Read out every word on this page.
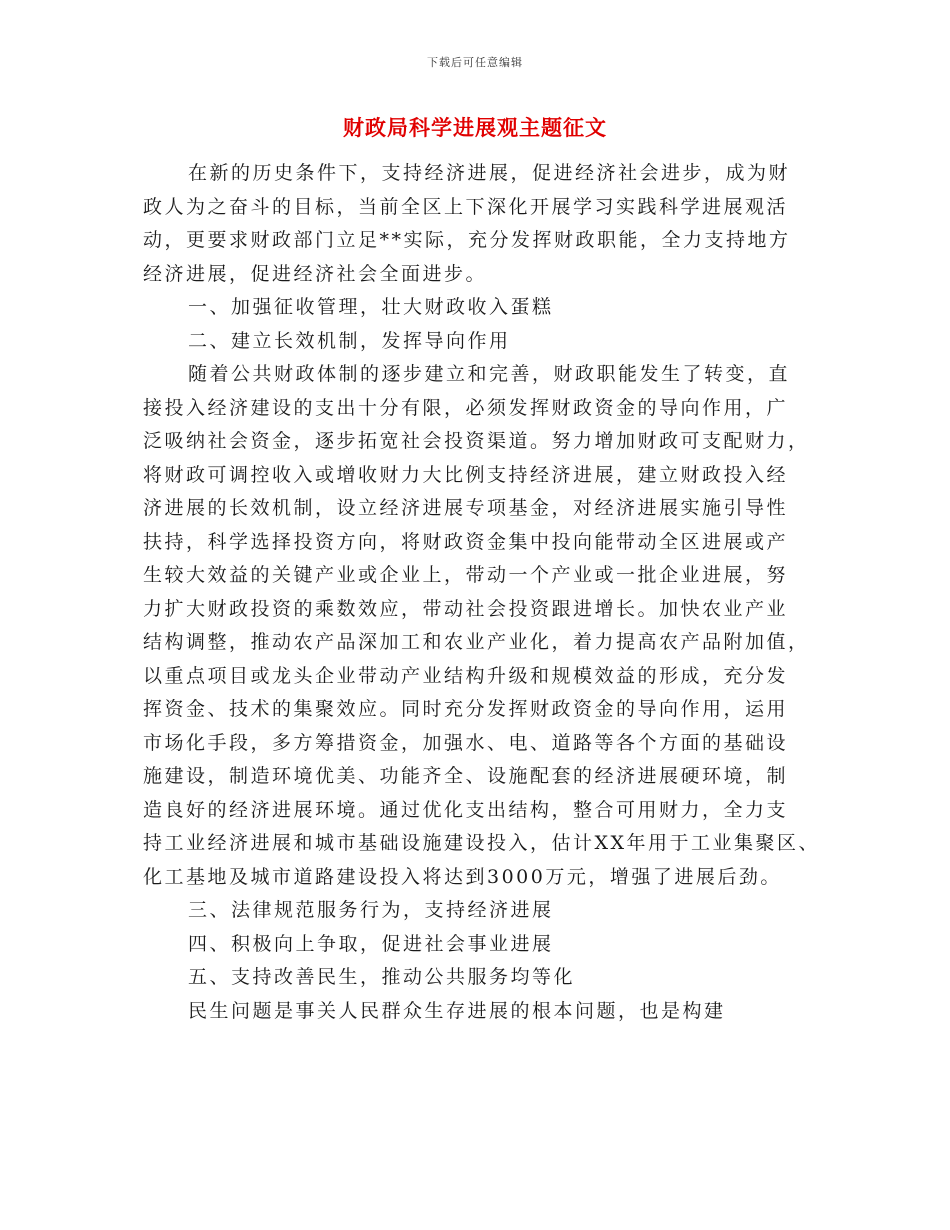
下载后可任意编辑
财政局科学进展观主题征文
在新的历史条件下，支持经济进展，促进经济社会进步，成为财
政人为之奋斗的目标，当前全区上下深化开展学习实践科学进展观活
动，更要求财政部门立足**实际，充分发挥财政职能，全力支持地方
经济进展，促进经济社会全面进步。
一、加强征收管理，壮大财政收入蛋糕
二、建立长效机制，发挥导向作用
随着公共财政体制的逐步建立和完善，财政职能发生了转变，直
接投入经济建设的支出十分有限，必须发挥财政资金的导向作用，广
泛吸纳社会资金，逐步拓宽社会投资渠道。努力增加财政可支配财力，
将财政可调控收入或增收财力大比例支持经济进展，建立财政投入经
济进展的长效机制，设立经济进展专项基金，对经济进展实施引导性
扶持，科学选择投资方向，将财政资金集中投向能带动全区进展或产
生较大效益的关键产业或企业上，带动一个产业或一批企业进展，努
力扩大财政投资的乘数效应，带动社会投资跟进增长。加快农业产业
结构调整，推动农产品深加工和农业产业化，着力提高农产品附加值，
以重点项目或龙头企业带动产业结构升级和规模效益的形成，充分发
挥资金、技术的集聚效应。同时充分发挥财政资金的导向作用，运用
市场化手段，多方筹措资金，加强水、电、道路等各个方面的基础设
施建设，制造环境优美、功能齐全、设施配套的经济进展硬环境，制
造良好的经济进展环境。通过优化支出结构，整合可用财力，全力支
持工业经济进展和城市基础设施建设投入，估计XX年用于工业集聚区、
化工基地及城市道路建设投入将达到3000万元，增强了进展后劲。
三、法律规范服务行为，支持经济进展
四、积极向上争取，促进社会事业进展
五、支持改善民生，推动公共服务均等化
民生问题是事关人民群众生存进展的根本问题，也是构建
